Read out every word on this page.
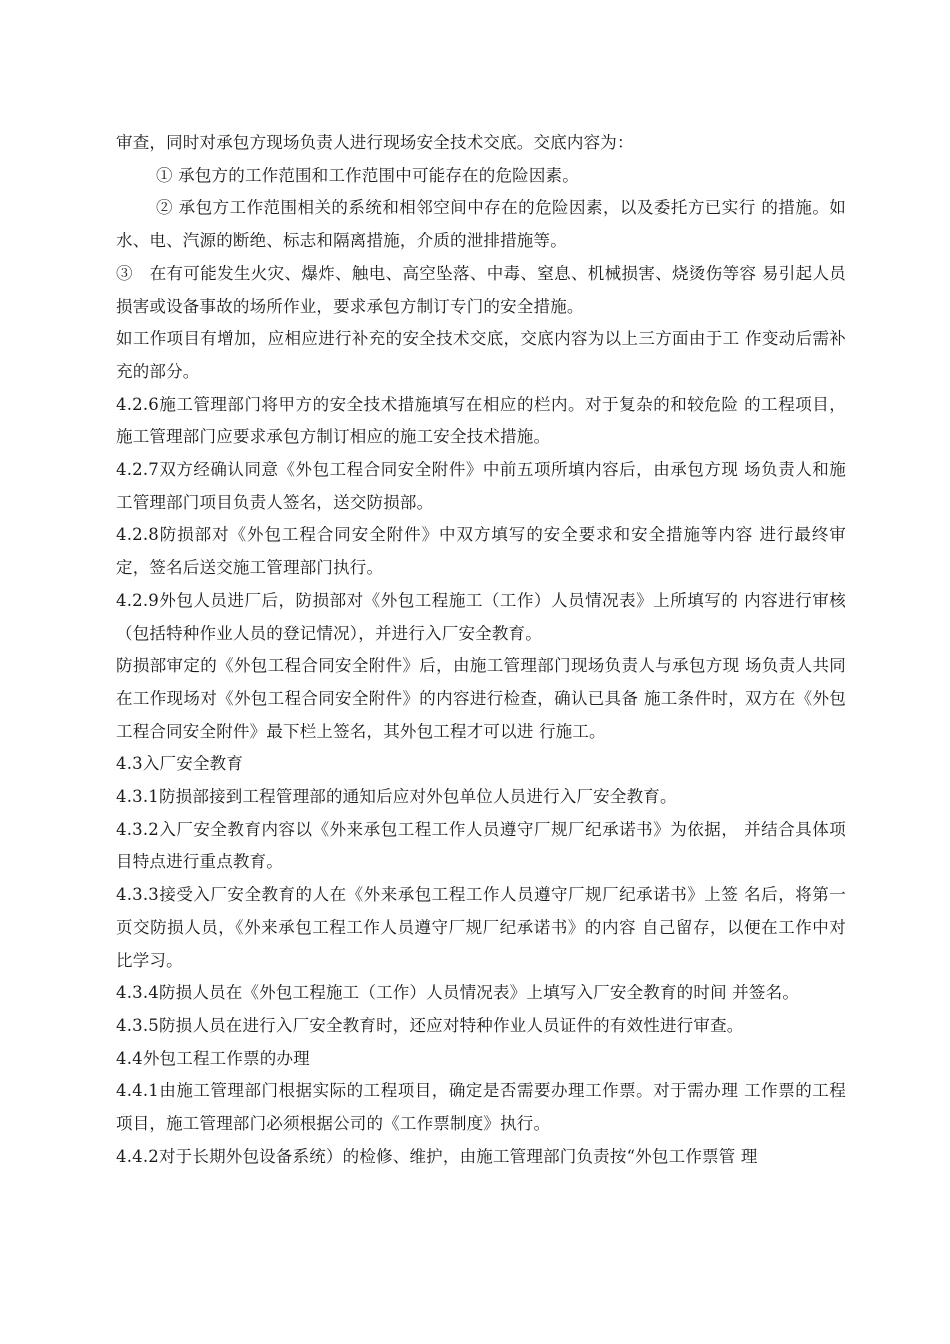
审查，同时对承包方现场负责人进行现场安全技术交底。交底内容为：

① 承包方的工作范围和工作范围中可能存在的危险因素。

② 承包方工作范围相关的系统和相邻空间中存在的危险因素，以及委托方已实行 的措施。如水、电、汽源的断绝、标志和隔离措施，介质的泄排措施等。

③　在有可能发生火灾、爆炸、触电、高空坠落、中毒、窒息、机械损害、烧烫伤等容 易引起人员损害或设备事故的场所作业，要求承包方制订专门的安全措施。

如工作项目有增加，应相应进行补充的安全技术交底，交底内容为以上三方面由于工 作变动后需补充的部分。

4.2.6施工管理部门将甲方的安全技术措施填写在相应的栏内。对于复杂的和较危险 的工程项目，施工管理部门应要求承包方制订相应的施工安全技术措施。

4.2.7双方经确认同意《外包工程合同安全附件》中前五项所填内容后，由承包方现 场负责人和施工管理部门项目负责人签名，送交防损部。

4.2.8防损部对《外包工程合同安全附件》中双方填写的安全要求和安全措施等内容 进行最终审定，签名后送交施工管理部门执行。

4.2.9外包人员进厂后，防损部对《外包工程施工（工作）人员情况表》上所填写的 内容进行审核（包括特种作业人员的登记情况），并进行入厂安全教育。

防损部审定的《外包工程合同安全附件》后，由施工管理部门现场负责人与承包方现 场负责人共同在工作现场对《外包工程合同安全附件》的内容进行检查，确认已具备 施工条件时，双方在《外包工程合同安全附件》最下栏上签名，其外包工程才可以进 行施工。

4.3入厂安全教育

4.3.1防损部接到工程管理部的通知后应对外包单位人员进行入厂安全教育。

4.3.2入厂安全教育内容以《外来承包工程工作人员遵守厂规厂纪承诺书》为依据， 并结合具体项目特点进行重点教育。

4.3.3接受入厂安全教育的人在《外来承包工程工作人员遵守厂规厂纪承诺书》上签 名后，将第一页交防损人员，《外来承包工程工作人员遵守厂规厂纪承诺书》的内容 自己留存，以便在工作中对比学习。

4.3.4防损人员在《外包工程施工（工作）人员情况表》上填写入厂安全教育的时间 并签名。

4.3.5防损人员在进行入厂安全教育时，还应对特种作业人员证件的有效性进行审查。

4.4外包工程工作票的办理

4.4.1由施工管理部门根据实际的工程项目，确定是否需要办理工作票。对于需办理 工作票的工程项目，施工管理部门必须根据公司的《工作票制度》执行。

4.4.2对于长期外包设备系统）的检修、维护，由施工管理部门负责按“外包工作票管 理
